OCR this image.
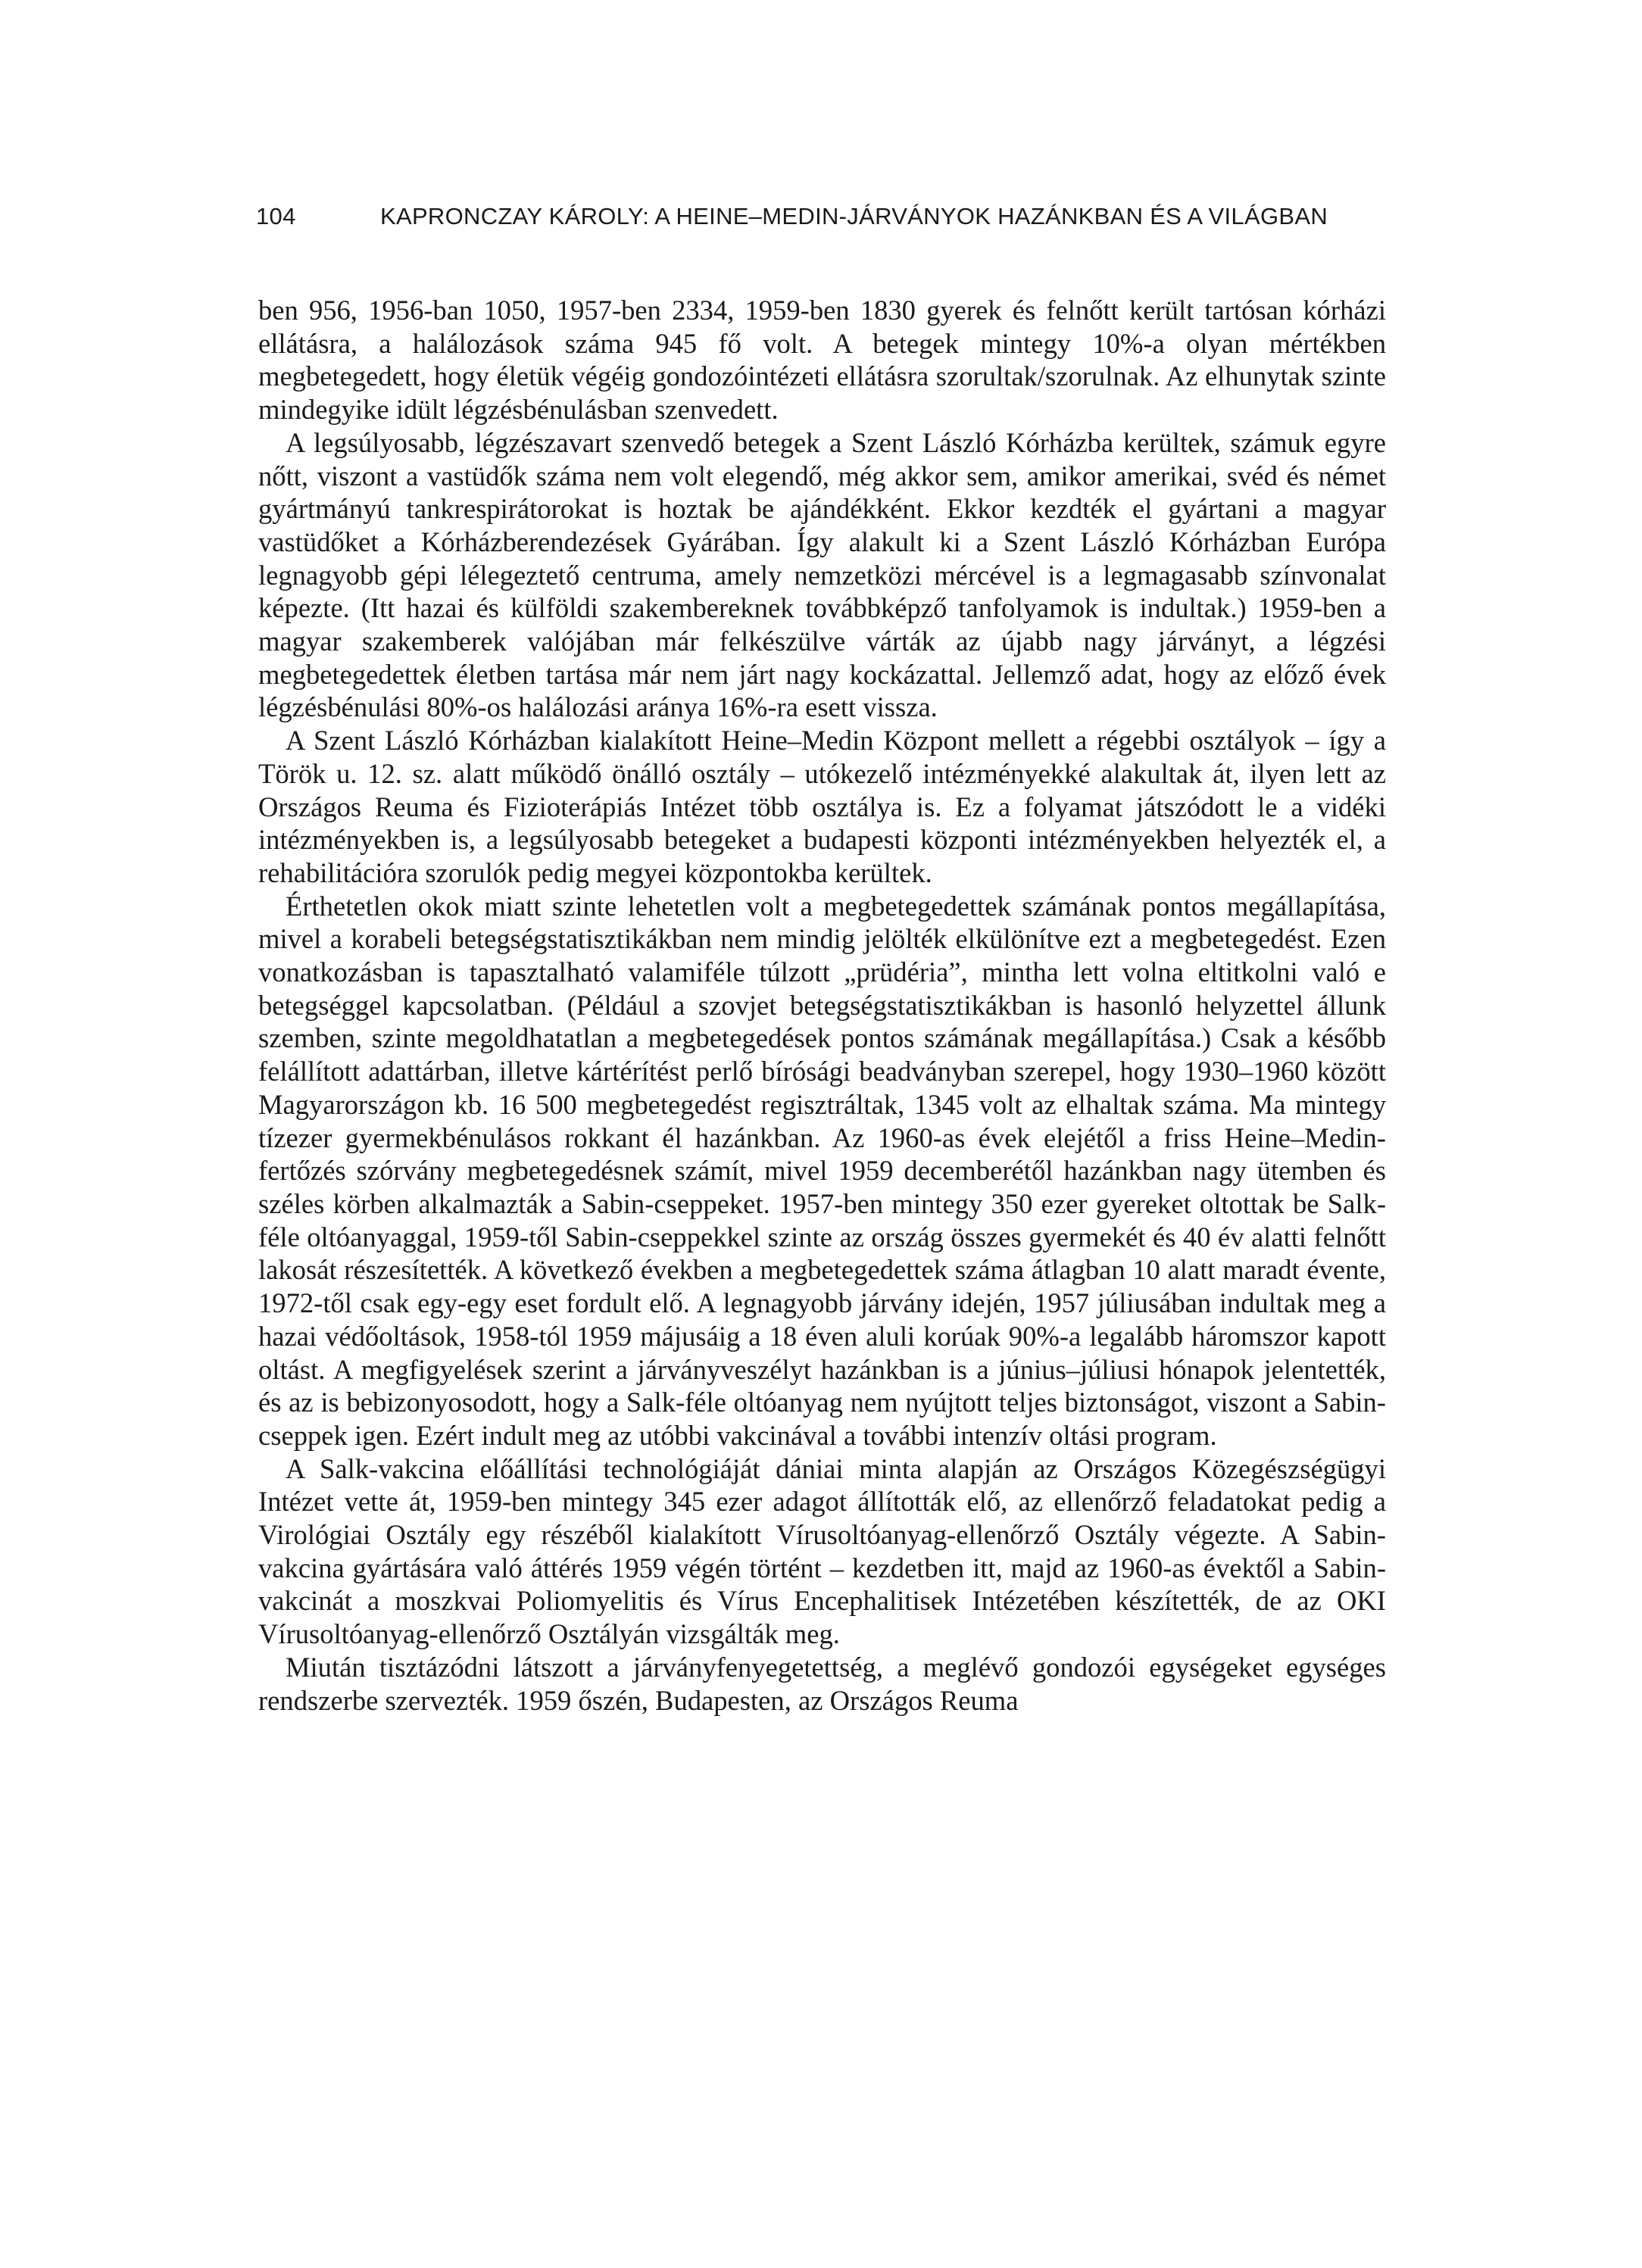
104	KAPRONCZAY KÁROLY: A HEINE–MEDIN-JÁRVÁNYOK HAZÁNKBAN ÉS A VILÁGBAN

ben 956, 1956-ban 1050, 1957-ben 2334, 1959-ben 1830 gyerek és felnőtt került tartósan kórházi ellátásra, a halálozások száma 945 fő volt. A betegek mintegy 10%-a olyan mértékben megbetegedett, hogy életük végéig gondozóintézeti ellátásra szorultak/szorulnak. Az elhunytak szinte mindegyike idült légzésbénulásban szenvedett.

A legsúlyosabb, légzészavart szenvedő betegek a Szent László Kórházba kerültek, számuk egyre nőtt, viszont a vastüdők száma nem volt elegendő, még akkor sem, amikor amerikai, svéd és német gyártmányú tankrespirátorokat is hoztak be ajándékként. Ekkor kezdték el gyártani a magyar vastüdőket a Kórházberendezések Gyárában. Így alakult ki a Szent László Kórházban Európa legnagyobb gépi lélegeztető centruma, amely nemzetközi mércével is a legmagasabb színvonalat képezte. (Itt hazai és külföldi szakembereknek továbbképző tanfolyamok is indultak.) 1959-ben a magyar szakemberek valójában már felkészülve várták az újabb nagy járványt, a légzési megbetegedettek életben tartása már nem járt nagy kockázattal. Jellemző adat, hogy az előző évek légzésbénulási 80%-os halálozási aránya 16%-ra esett vissza.

A Szent László Kórházban kialakított Heine–Medin Központ mellett a régebbi osztályok – így a Török u. 12. sz. alatt működő önálló osztály – utókezelő intézményekké alakultak át, ilyen lett az Országos Reuma és Fizioterápiás Intézet több osztálya is. Ez a folyamat játszódott le a vidéki intézményekben is, a legsúlyosabb betegeket a budapesti központi intézményekben helyezték el, a rehabilitációra szorulók pedig megyei központokba kerültek.

Érthetetlen okok miatt szinte lehetetlen volt a megbetegedettek számának pontos megállapítása, mivel a korabeli betegségstatisztikákban nem mindig jelölték elkülönítve ezt a megbetegedést. Ezen vonatkozásban is tapasztalható valamiféle túlzott „prüdéria”, mintha lett volna eltitkolni való e betegséggel kapcsolatban. (Például a szovjet betegségstatisztikákban is hasonló helyzettel állunk szemben, szinte megoldhatatlan a megbetegedések pontos számának megállapítása.) Csak a később felállított adattárban, illetve kártérítést perlő bírósági beadványban szerepel, hogy 1930–1960 között Magyarországon kb. 16 500 megbetegedést regisztráltak, 1345 volt az elhaltak száma. Ma mintegy tízezer gyermekbénulásos rokkant él hazánkban. Az 1960-as évek elejétől a friss Heine–Medin-fertőzés szórvány megbetegedésnek számít, mivel 1959 decemberétől hazánkban nagy ütemben és széles körben alkalmazták a Sabin-cseppeket. 1957-ben mintegy 350 ezer gyereket oltottak be Salk-féle oltóanyaggal, 1959-től Sabin-cseppekkel szinte az ország összes gyermekét és 40 év alatti felnőtt lakosát részesítették. A következő években a megbetegedettek száma átlagban 10 alatt maradt évente, 1972-től csak egy-egy eset fordult elő. A legnagyobb járvány idején, 1957 júliusában indultak meg a hazai védőoltások, 1958-tól 1959 májusáig a 18 éven aluli korúak 90%-a legalább háromszor kapott oltást. A megfigyelések szerint a járványveszélyt hazánkban is a június–júliusi hónapok jelentették, és az is bebizonyosodott, hogy a Salk-féle oltóanyag nem nyújtott teljes biztonságot, viszont a Sabin-cseppek igen. Ezért indult meg az utóbbi vakcinával a további intenzív oltási program.

A Salk-vakcina előállítási technológiáját dániai minta alapján az Országos Közegészségügyi Intézet vette át, 1959-ben mintegy 345 ezer adagot állították elő, az ellenőrző feladatokat pedig a Virológiai Osztály egy részéből kialakított Vírusoltóanyag-ellenőrző Osztály végezte. A Sabin-vakcina gyártására való áttérés 1959 végén történt – kezdetben itt, majd az 1960-as évektől a Sabin-vakcinát a moszkvai Poliomyelitis és Vírus Encephalitisek Intézetében készítették, de az OKI Vírusoltóanyag-ellenőrző Osztályán vizsgálták meg.

Miután tisztázódni látszott a járványfenyegetettség, a meglévő gondozói egységeket egységes rendszerbe szervezték. 1959 őszén, Budapesten, az Országos Reuma
